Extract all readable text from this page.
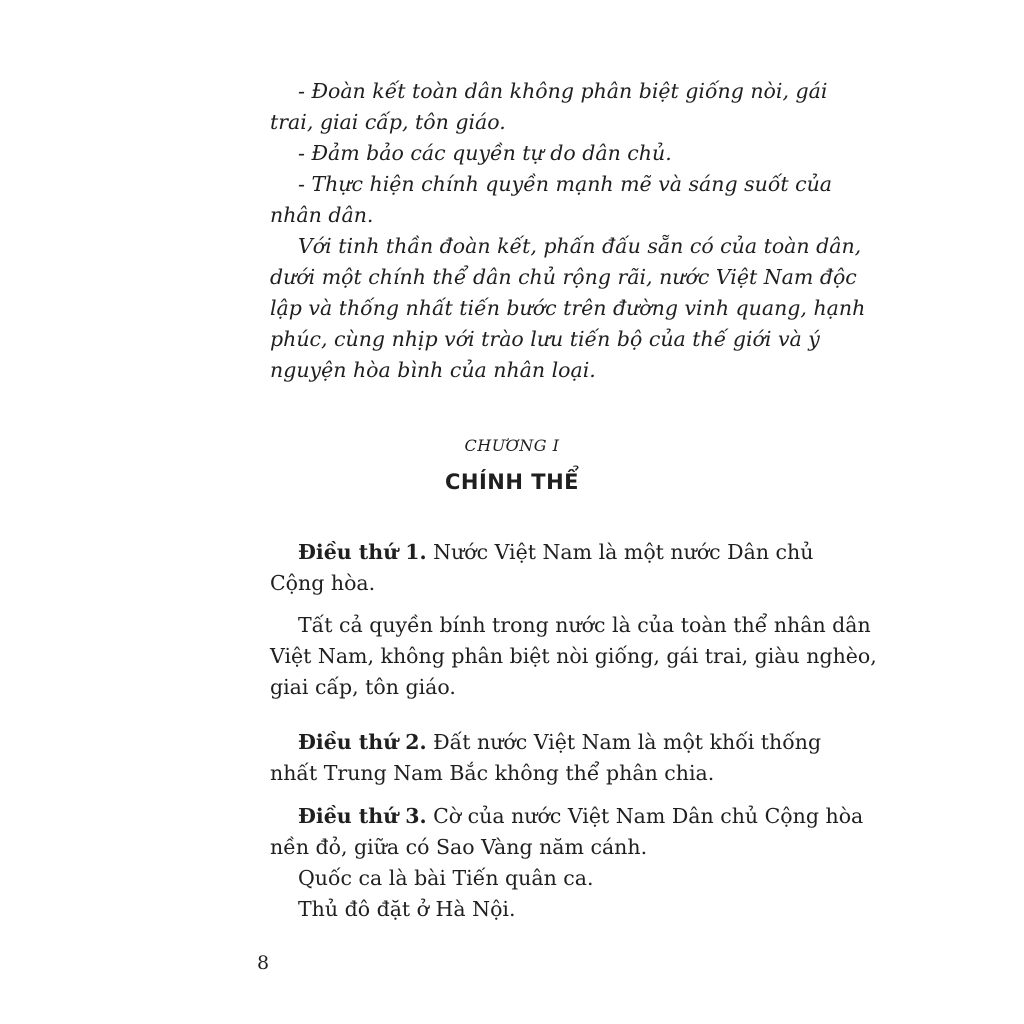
- Đoàn kết toàn dân không phân biệt giống nòi, gái

trai, giai cấp, tôn giáo.

- Đảm bảo các quyền tự do dân chủ.

- Thực hiện chính quyền mạnh mẽ và sáng suốt của

nhân dân.

Với tinh thần đoàn kết, phấn đấu sẵn có của toàn dân,

dưới một chính thể dân chủ rộng rãi, nước Việt Nam độc

lập và thống nhất tiến bước trên đường vinh quang, hạnh

phúc, cùng nhịp với trào lưu tiến bộ của thế giới và ý

nguyện hòa bình của nhân loại.

CHƯƠNG I
CHÍNH THỂ

Điều thứ 1. Nước Việt Nam là một nước Dân chủ

Cộng hòa.

Tất cả quyền bính trong nước là của toàn thể nhân dân

Việt Nam, không phân biệt nòi giống, gái trai, giàu nghèo,

giai cấp, tôn giáo.

Điều thứ 2. Đất nước Việt Nam là một khối thống

nhất Trung Nam Bắc không thể phân chia.

Điều thứ 3. Cờ của nước Việt Nam Dân chủ Cộng hòa

nền đỏ, giữa có Sao Vàng năm cánh.

Quốc ca là bài Tiến quân ca.

Thủ đô đặt ở Hà Nội.

8
